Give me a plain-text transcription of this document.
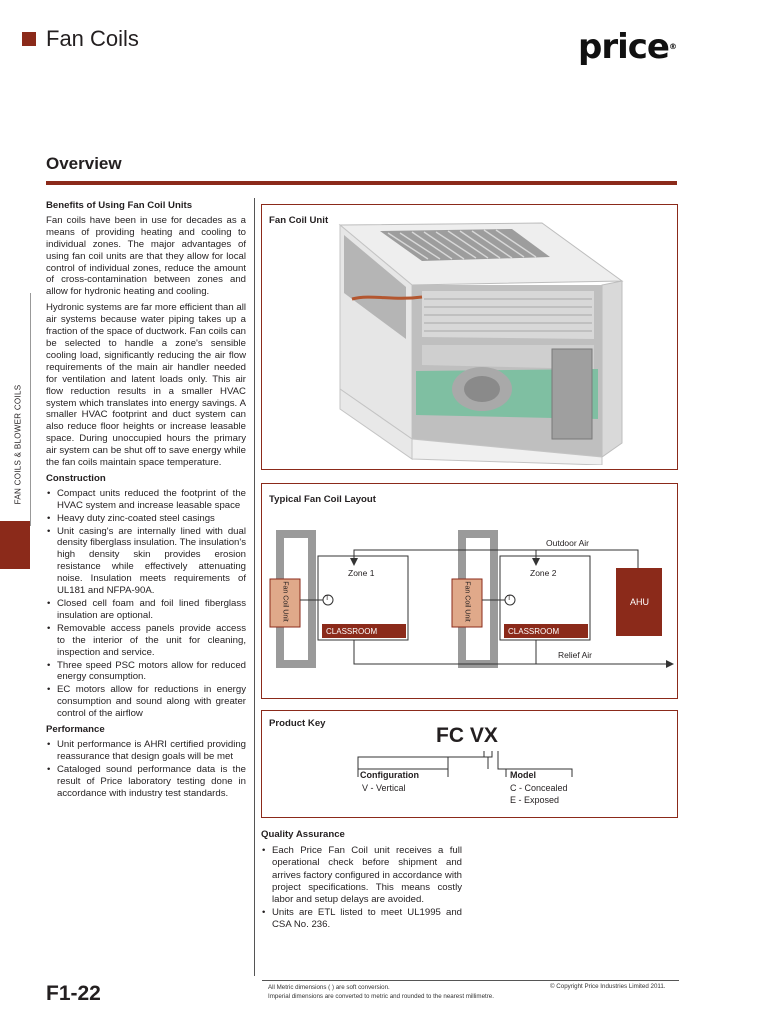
Fan Coils	price®
Overview
FAN COILS & BLOWER COILS
Benefits of Using Fan Coil Units

Fan coils have been in use for decades as a means of providing heating and cooling to individual zones. The major advantages of using fan coil units are that they allow for local control of individual zones, reduce the amount of cross-contamination between zones and allow for hydronic heating and cooling.

Hydronic systems are far more efficient than all air systems because water piping takes up a fraction of the space of ductwork. Fan coils can be selected to handle a zone's sensible cooling load, significantly reducing the air flow requirements of the main air handler needed for ventilation and latent loads only. This air flow reduction results in a smaller HVAC system which translates into energy savings. A smaller HVAC footprint and duct system can also reduce floor heights or increase leasable space. During unoccupied hours the primary air system can be shut off to save energy while the fan coils maintain space temperature.

Construction
• Compact units reduced the footprint of the HVAC system and increase leasable space
• Heavy duty zinc-coated steel casings
• Unit casing's are internally lined with dual density fiberglass insulation. The insulation's high density skin provides erosion resistance while effectively attenuating noise. Insulation meets requirements of UL181 and NFPA-90A.
• Closed cell foam and foil lined fiberglass insulation are optional.
• Removable access panels provide access to the interior of the unit for cleaning, inspection and service.
• Three speed PSC motors allow for reduced energy consumption.
• EC motors allow for reductions in energy consumption and sound along with greater control of the airflow
Performance
• Unit performance is AHRI certified providing reassurance that design goals will be met
• Cataloged sound performance data is the result of Price laboratory testing done in accordance with industry test standards.
Fan Coil Unit
Typical Fan Coil Layout
Outdoor Air
Relief Air
AHU
Zone 1	Zone 2
CLASSROOM	CLASSROOM
T	T
Fan Coil Unit	Fan Coil Unit
Product Key
FC VX
Configuration
V - Vertical
Model
C - Concealed
E - Exposed
Quality Assurance
• Each Price Fan Coil unit receives a full operational check before shipment and arrives factory configured in accordance with project specifications. This means costly labor and setup delays are avoided.
• Units are ETL listed to meet UL1995 and CSA No. 236.
F1-22	All Metric dimensions ( ) are soft conversion.
Imperial dimensions are converted to metric and rounded to the nearest millimetre.
© Copyright Price Industries Limited 2011.
